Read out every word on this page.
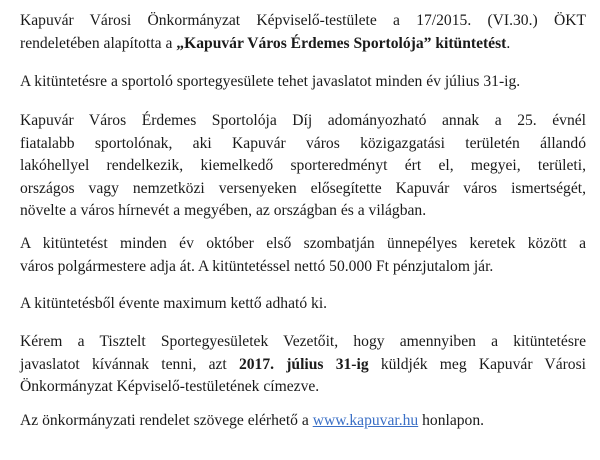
Kapuvár Városi Önkormányzat Képviselő-testülete a 17/2015. (VI.30.) ÖKT
rendeletében alapította a „Kapuvár Város Érdemes Sportolója” kitüntetést.
A kitüntetésre a sportoló sportegyesülete tehet javaslatot minden év július 31-ig.
Kapuvár Város Érdemes Sportolója Díj adományozható annak a 25. évnél
fiatalabb sportolónak, aki Kapuvár város közigazgatási területén állandó
lakóhellyel rendelkezik, kiemelkedő sporteredményt ért el, megyei, területi,
országos vagy nemzetközi versenyeken elősegítette Kapuvár város ismertségét,
növelte a város hírnevét a megyében, az országban és a világban.
A kitüntetést minden év október első szombatján ünnepélyes keretek között a
város polgármestere adja át. A kitüntetéssel nettó 50.000 Ft pénzjutalom jár.
A kitüntetésből évente maximum kettő adható ki.
Kérem a Tisztelt Sportegyesületek Vezetőit, hogy amennyiben a kitüntetésre
javaslatot kívánnak tenni, azt 2017. július 31-ig küldjék meg Kapuvár Városi
Önkormányzat Képviselő-testületének címezve.
Az önkormányzati rendelet szövege elérhető a www.kapuvar.hu honlapon.
